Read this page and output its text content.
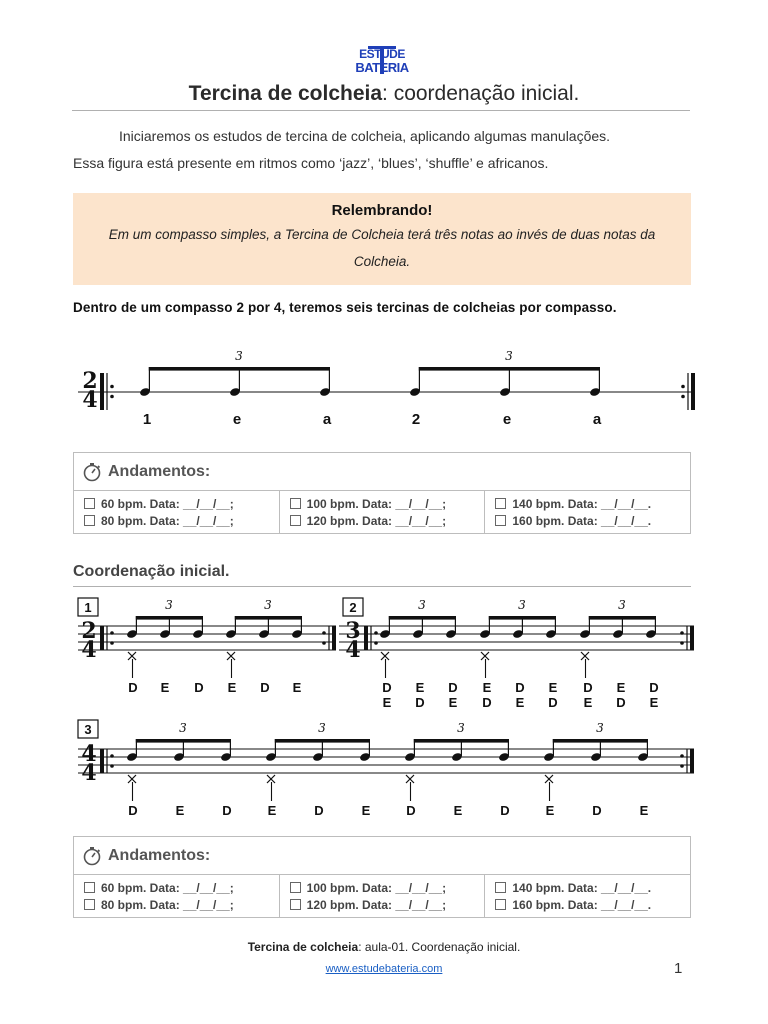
ESTUDE
BATERIA
Tercina de colcheia: coordenação inicial.
Iniciaremos os estudos de tercina de colcheia, aplicando algumas manulações.
Essa figura está presente em ritmos como ‘jazz’, ‘blues’, ‘shuffle’ e africanos.
Relembrando!
Em um compasso simples, a Tercina de Colcheia terá três notas ao invés de duas notas da Colcheia.
Dentro de um compasso 2 por 4, teremos seis tercinas de colcheias por compasso.
2
4
3	3
1	e	a	2	e	a
Andamentos:
60 bpm. Data: __/__/__;
80 bpm. Data: __/__/__;
100 bpm. Data: __/__/__;
120 bpm. Data: __/__/__;
140 bpm. Data: __/__/__.
160 bpm. Data: __/__/__.
Coordenação inicial.
1
2
4
3	3
D E D E D E
2
3
4
3	3	3
D E D E D E D E D
E D E D E D E D E
3
4
4
3	3	3	3
D	E	D	E	D	E	D	E	D	E	D	E
Andamentos:
60 bpm. Data: __/__/__;
80 bpm. Data: __/__/__;
100 bpm. Data: __/__/__;
120 bpm. Data: __/__/__;
140 bpm. Data: __/__/__.
160 bpm. Data: __/__/__.
Tercina de colcheia: aula-01. Coordenação inicial.
www.estudebateria.com	1
